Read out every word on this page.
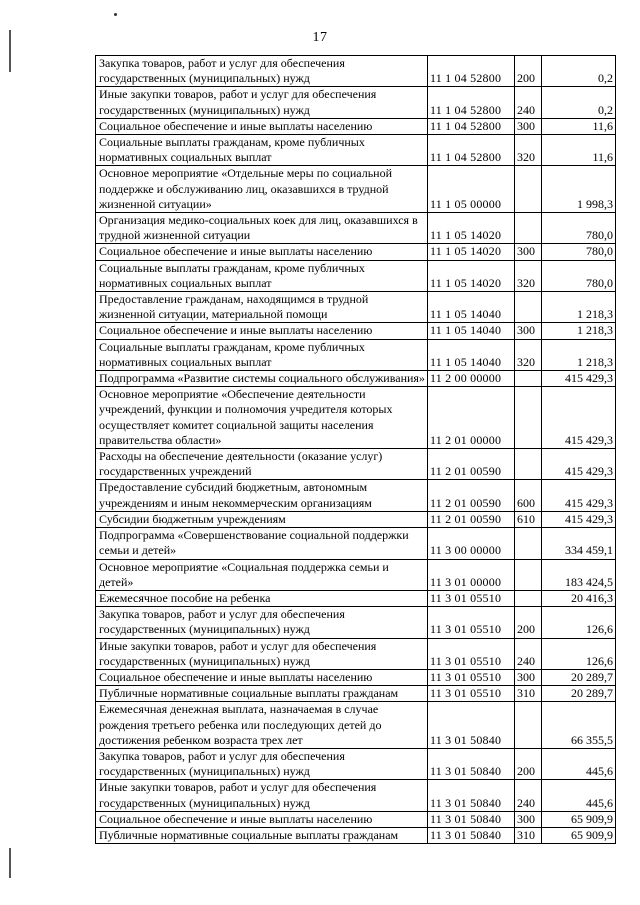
17
Закупка товаров, работ и услуг для обеспечения государственных (муниципальных) нужд	11 1 04 52800	200	0,2
Иные закупки товаров, работ и услуг для обеспечения государственных (муниципальных) нужд	11 1 04 52800	240	0,2
Социальное обеспечение и иные выплаты населению	11 1 04 52800	300	11,6
Социальные выплаты гражданам, кроме публичных нормативных социальных выплат	11 1 04 52800	320	11,6
Основное мероприятие «Отдельные меры по социальной поддержке и обслуживанию лиц, оказавшихся в трудной жизненной ситуации»	11 1 05 00000		1 998,3
Организация медико-социальных коек для лиц, оказавшихся в трудной жизненной ситуации	11 1 05 14020		780,0
Социальное обеспечение и иные выплаты населению	11 1 05 14020	300	780,0
Социальные выплаты гражданам, кроме публичных нормативных социальных выплат	11 1 05 14020	320	780,0
Предоставление гражданам, находящимся в трудной жизненной ситуации, материальной помощи	11 1 05 14040		1 218,3
Социальное обеспечение и иные выплаты населению	11 1 05 14040	300	1 218,3
Социальные выплаты гражданам, кроме публичных нормативных социальных выплат	11 1 05 14040	320	1 218,3
Подпрограмма «Развитие системы социального обслуживания»	11 2 00 00000		415 429,3
Основное мероприятие «Обеспечение деятельности учреждений, функции и полномочия учредителя которых осуществляет комитет социальной защиты населения правительства области»	11 2 01 00000		415 429,3
Расходы на обеспечение деятельности (оказание услуг) государственных учреждений	11 2 01 00590		415 429,3
Предоставление субсидий бюджетным, автономным учреждениям и иным некоммерческим организациям	11 2 01 00590	600	415 429,3
Субсидии бюджетным учреждениям	11 2 01 00590	610	415 429,3
Подпрограмма «Совершенствование социальной поддержки семьи и детей»	11 3 00 00000		334 459,1
Основное мероприятие «Социальная поддержка семьи и детей»	11 3 01 00000		183 424,5
Ежемесячное пособие на ребенка	11 3 01 05510		20 416,3
Закупка товаров, работ и услуг для обеспечения государственных (муниципальных) нужд	11 3 01 05510	200	126,6
Иные закупки товаров, работ и услуг для обеспечения государственных (муниципальных) нужд	11 3 01 05510	240	126,6
Социальное обеспечение и иные выплаты населению	11 3 01 05510	300	20 289,7
Публичные нормативные социальные выплаты гражданам	11 3 01 05510	310	20 289,7
Ежемесячная денежная выплата, назначаемая в случае рождения третьего ребенка или последующих детей до достижения ребенком возраста трех лет	11 3 01 50840		66 355,5
Закупка товаров, работ и услуг для обеспечения государственных (муниципальных) нужд	11 3 01 50840	200	445,6
Иные закупки товаров, работ и услуг для обеспечения государственных (муниципальных) нужд	11 3 01 50840	240	445,6
Социальное обеспечение и иные выплаты населению	11 3 01 50840	300	65 909,9
Публичные нормативные социальные выплаты гражданам	11 3 01 50840	310	65 909,9
